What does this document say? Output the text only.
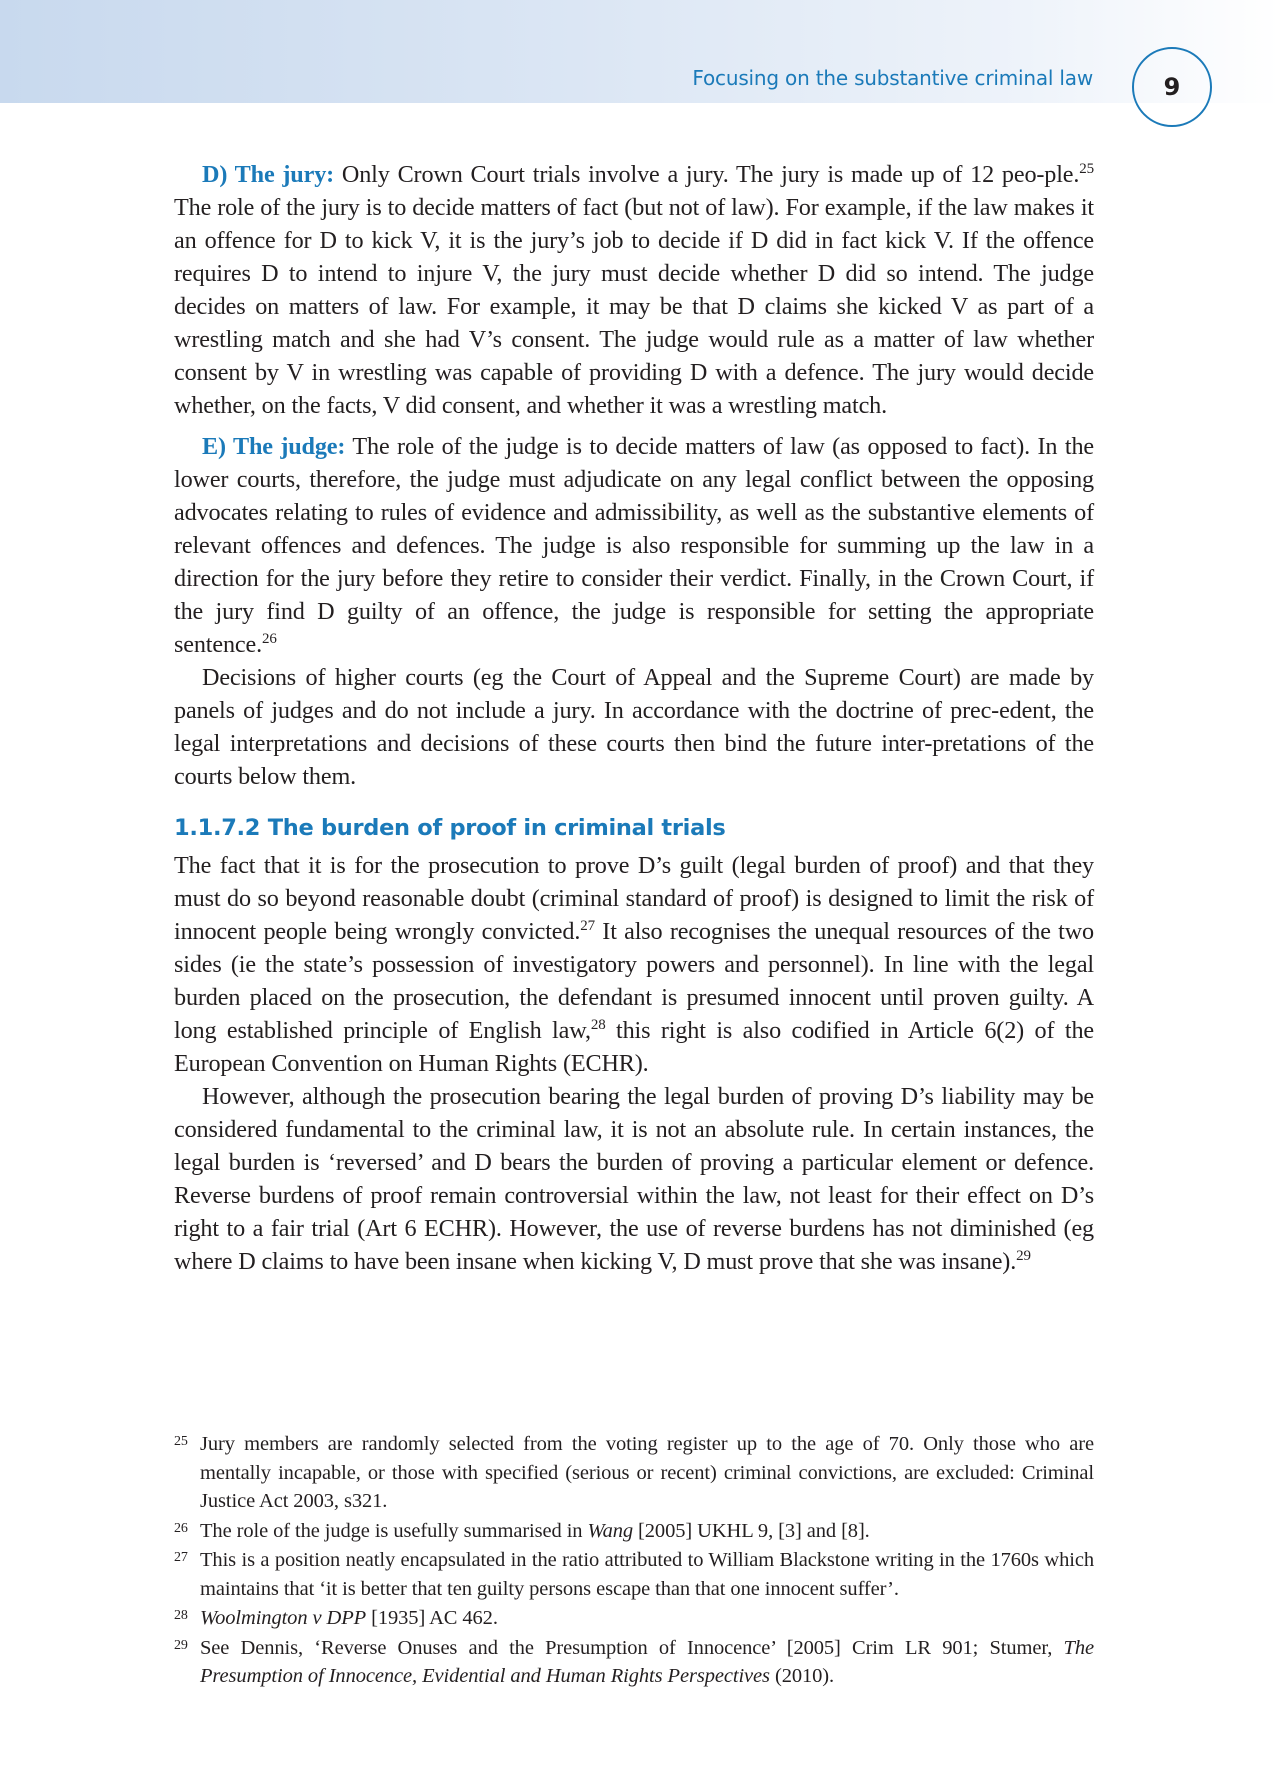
Focusing on the substantive criminal law	9

D) The jury: Only Crown Court trials involve a jury. The jury is made up of 12 peo-ple.$^{25}$ The role of the jury is to decide matters of fact (but not of law). For example, if the law makes it an offence for D to kick V, it is the jury’s job to decide if D did in fact kick V. If the offence requires D to intend to injure V, the jury must decide whether D did so intend. The judge decides on matters of law. For example, it may be that D claims she kicked V as part of a wrestling match and she had V’s consent. The judge would rule as a matter of law whether consent by V in wrestling was capable of providing D with a defence. The jury would decide whether, on the facts, V did consent, and whether it was a wrestling match.

E) The judge: The role of the judge is to decide matters of law (as opposed to fact). In the lower courts, therefore, the judge must adjudicate on any legal conflict between the opposing advocates relating to rules of evidence and admissibility, as well as the substantive elements of relevant offences and defences. The judge is also responsible for summing up the law in a direction for the jury before they retire to consider their verdict. Finally, in the Crown Court, if the jury find D guilty of an offence, the judge is responsible for setting the appropriate sentence.$^{26}$

Decisions of higher courts (eg the Court of Appeal and the Supreme Court) are made by panels of judges and do not include a jury. In accordance with the doctrine of prec-edent, the legal interpretations and decisions of these courts then bind the future inter-pretations of the courts below them.

1.1.7.2 The burden of proof in criminal trials

The fact that it is for the prosecution to prove D’s guilt (legal burden of proof) and that they must do so beyond reasonable doubt (criminal standard of proof) is designed to limit the risk of innocent people being wrongly convicted.$^{27}$ It also recognises the unequal resources of the two sides (ie the state’s possession of investigatory powers and personnel). In line with the legal burden placed on the prosecution, the defendant is presumed innocent until proven guilty. A long established principle of English law,$^{28}$ this right is also codified in Article 6(2) of the European Convention on Human Rights (ECHR).

However, although the prosecution bearing the legal burden of proving D’s liability may be considered fundamental to the criminal law, it is not an absolute rule. In certain instances, the legal burden is ‘reversed’ and D bears the burden of proving a particular element or defence. Reverse burdens of proof remain controversial within the law, not least for their effect on D’s right to a fair trial (Art 6 ECHR). However, the use of reverse burdens has not diminished (eg where D claims to have been insane when kicking V, D must prove that she was insane).$^{29}$

25 Jury members are randomly selected from the voting register up to the age of 70. Only those who are mentally incapable, or those with specified (serious or recent) criminal convictions, are excluded: Criminal Justice Act 2003, s321.
26 The role of the judge is usefully summarised in Wang [2005] UKHL 9, [3] and [8].
27 This is a position neatly encapsulated in the ratio attributed to William Blackstone writing in the 1760s which maintains that ‘it is better that ten guilty persons escape than that one innocent suffer’.
28 Woolmington v DPP [1935] AC 462.
29 See Dennis, ‘Reverse Onuses and the Presumption of Innocence’ [2005] Crim LR 901; Stumer, The Presumption of Innocence, Evidential and Human Rights Perspectives (2010).
